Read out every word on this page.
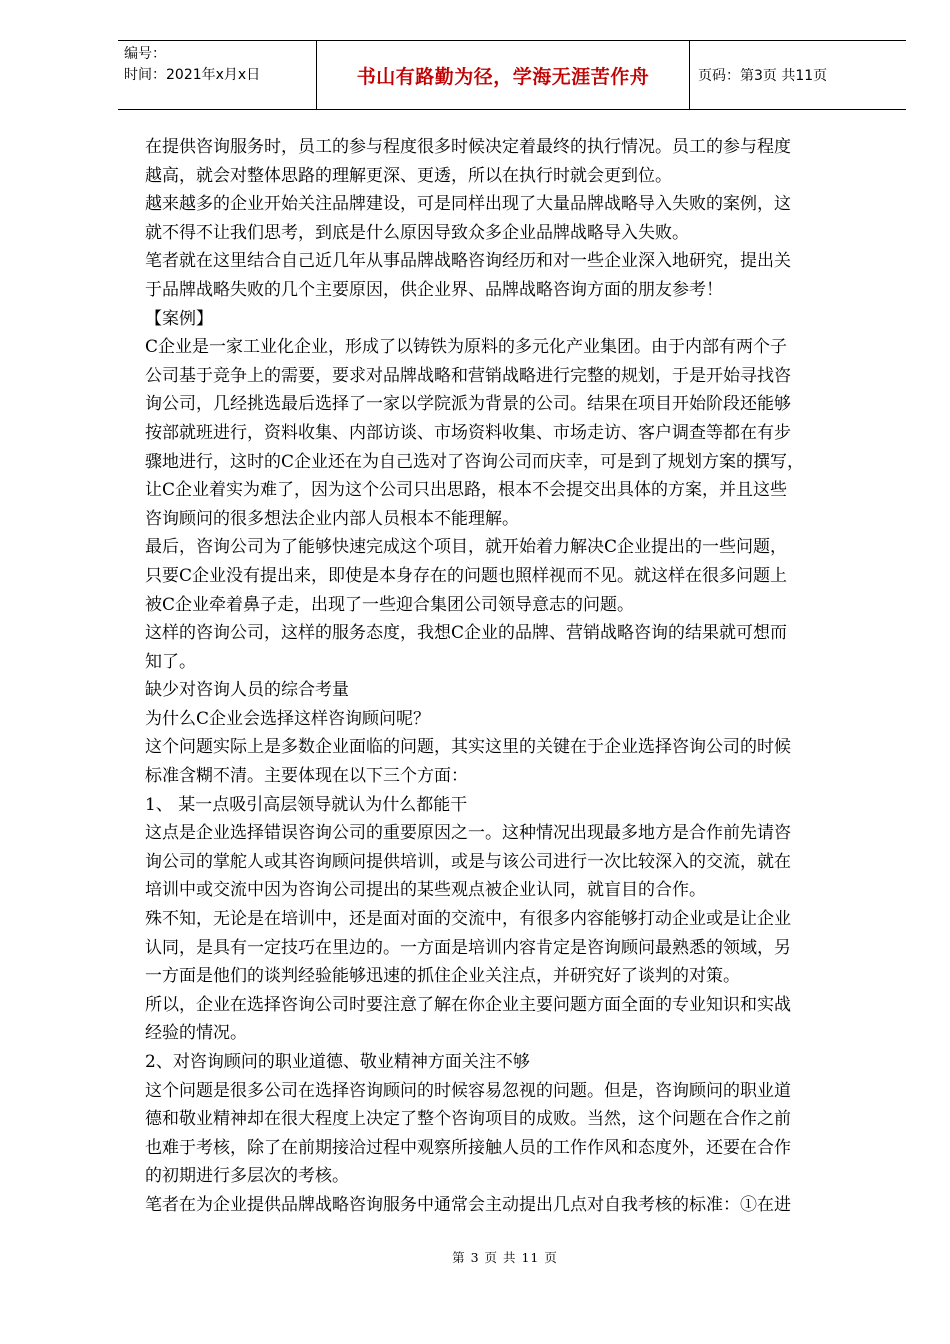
编号：
时间：2021年x月x日	书山有路勤为径，学海无涯苦作舟	页码：第3页 共11页
在提供咨询服务时，员工的参与程度很多时候决定着最终的执行情况。员工的参与程度
越高，就会对整体思路的理解更深、更透，所以在执行时就会更到位。
越来越多的企业开始关注品牌建设，可是同样出现了大量品牌战略导入失败的案例，这
就不得不让我们思考，到底是什么原因导致众多企业品牌战略导入失败。
笔者就在这里结合自己近几年从事品牌战略咨询经历和对一些企业深入地研究，提出关
于品牌战略失败的几个主要原因，供企业界、品牌战略咨询方面的朋友参考！
【案例】
C企业是一家工业化企业，形成了以铸铁为原料的多元化产业集团。由于内部有两个子
公司基于竞争上的需要，要求对品牌战略和营销战略进行完整的规划，于是开始寻找咨
询公司，几经挑选最后选择了一家以学院派为背景的公司。结果在项目开始阶段还能够
按部就班进行，资料收集、内部访谈、市场资料收集、市场走访、客户调查等都在有步
骤地进行，这时的C企业还在为自己选对了咨询公司而庆幸，可是到了规划方案的撰写，
让C企业着实为难了，因为这个公司只出思路，根本不会提交出具体的方案，并且这些
咨询顾问的很多想法企业内部人员根本不能理解。
最后，咨询公司为了能够快速完成这个项目，就开始着力解决C企业提出的一些问题，
只要C企业没有提出来，即使是本身存在的问题也照样视而不见。就这样在很多问题上
被C企业牵着鼻子走，出现了一些迎合集团公司领导意志的问题。
这样的咨询公司，这样的服务态度，我想C企业的品牌、营销战略咨询的结果就可想而
知了。
缺少对咨询人员的综合考量
为什么C企业会选择这样咨询顾问呢？
这个问题实际上是多数企业面临的问题，其实这里的关键在于企业选择咨询公司的时候
标准含糊不清。主要体现在以下三个方面：
1、 某一点吸引高层领导就认为什么都能干
这点是企业选择错误咨询公司的重要原因之一。这种情况出现最多地方是合作前先请咨
询公司的掌舵人或其咨询顾问提供培训，或是与该公司进行一次比较深入的交流，就在
培训中或交流中因为咨询公司提出的某些观点被企业认同，就盲目的合作。
殊不知，无论是在培训中，还是面对面的交流中，有很多内容能够打动企业或是让企业
认同，是具有一定技巧在里边的。一方面是培训内容肯定是咨询顾问最熟悉的领域，另
一方面是他们的谈判经验能够迅速的抓住企业关注点，并研究好了谈判的对策。
所以，企业在选择咨询公司时要注意了解在你企业主要问题方面全面的专业知识和实战
经验的情况。
2、对咨询顾问的职业道德、敬业精神方面关注不够
这个问题是很多公司在选择咨询顾问的时候容易忽视的问题。但是，咨询顾问的职业道
德和敬业精神却在很大程度上决定了整个咨询项目的成败。当然，这个问题在合作之前
也难于考核，除了在前期接洽过程中观察所接触人员的工作作风和态度外，还要在合作
的初期进行多层次的考核。
笔者在为企业提供品牌战略咨询服务中通常会主动提出几点对自我考核的标准：①在进
第 3 页 共 11 页
